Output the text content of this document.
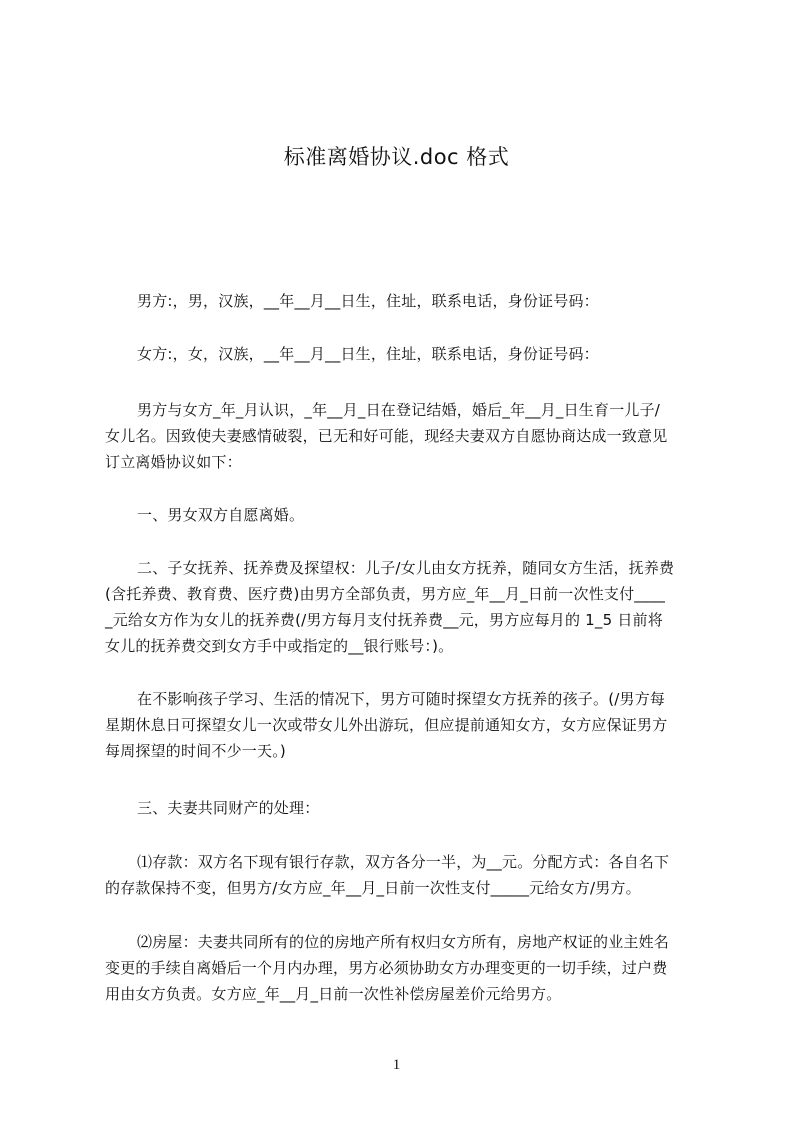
标准离婚协议.doc 格式
男方:，男，汉族，__年__月__日生，住址，联系电话，身份证号码：
女方:，女，汉族，__年__月__日生，住址，联系电话，身份证号码：
男方与女方_年_月认识，_年__月_日在登记结婚，婚后_年__月_日生育一儿子/
女儿名。因致使夫妻感情破裂，已无和好可能，现经夫妻双方自愿协商达成一致意见
订立离婚协议如下：
一、男女双方自愿离婚。
二、子女抚养、抚养费及探望权：儿子/女儿由女方抚养，随同女方生活，抚养费
(含托养费、教育费、医疗费)由男方全部负责，男方应_年__月_日前一次性支付____
_元给女方作为女儿的抚养费(/男方每月支付抚养费__元，男方应每月的 1_5 日前将
女儿的抚养费交到女方手中或指定的__银行账号：)。
在不影响孩子学习、生活的情况下，男方可随时探望女方抚养的孩子。(/男方每
星期休息日可探望女儿一次或带女儿外出游玩，但应提前通知女方，女方应保证男方
每周探望的时间不少一天。)
三、夫妻共同财产的处理：
⑴存款：双方名下现有银行存款，双方各分一半，为__元。分配方式：各自名下
的存款保持不变，但男方/女方应_年__月_日前一次性支付_____元给女方/男方。
⑵房屋：夫妻共同所有的位的房地产所有权归女方所有，房地产权证的业主姓名
变更的手续自离婚后一个月内办理，男方必须协助女方办理变更的一切手续，过户费
用由女方负责。女方应_年__月_日前一次性补偿房屋差价元给男方。
1
